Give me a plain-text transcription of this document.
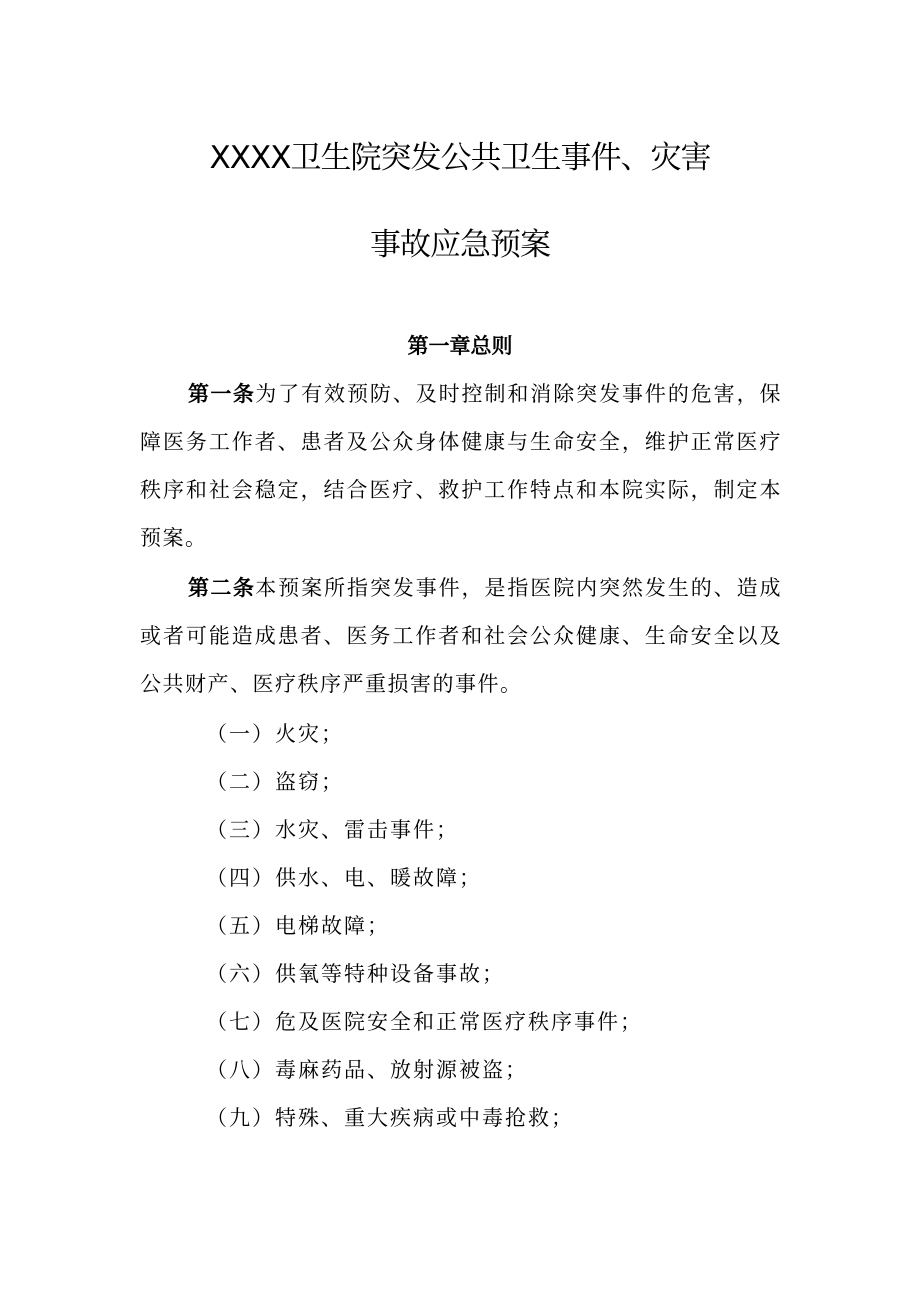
XXXX卫生院突发公共卫生事件、灾害
事故应急预案
第一章总则

第一条为了有效预防、及时控制和消除突发事件的危害，保障医务工作者、患者及公众身体健康与生命安全，维护正常医疗秩序和社会稳定，结合医疗、救护工作特点和本院实际，制定本预案。

第二条本预案所指突发事件，是指医院内突然发生的、造成或者可能造成患者、医务工作者和社会公众健康、生命安全以及公共财产、医疗秩序严重损害的事件。

（一）火灾；
（二）盗窃；
（三）水灾、雷击事件；
（四）供水、电、暖故障；
（五）电梯故障；
（六）供氧等特种设备事故；
（七）危及医院安全和正常医疗秩序事件；
（八）毒麻药品、放射源被盗；
（九）特殊、重大疾病或中毒抢救；
